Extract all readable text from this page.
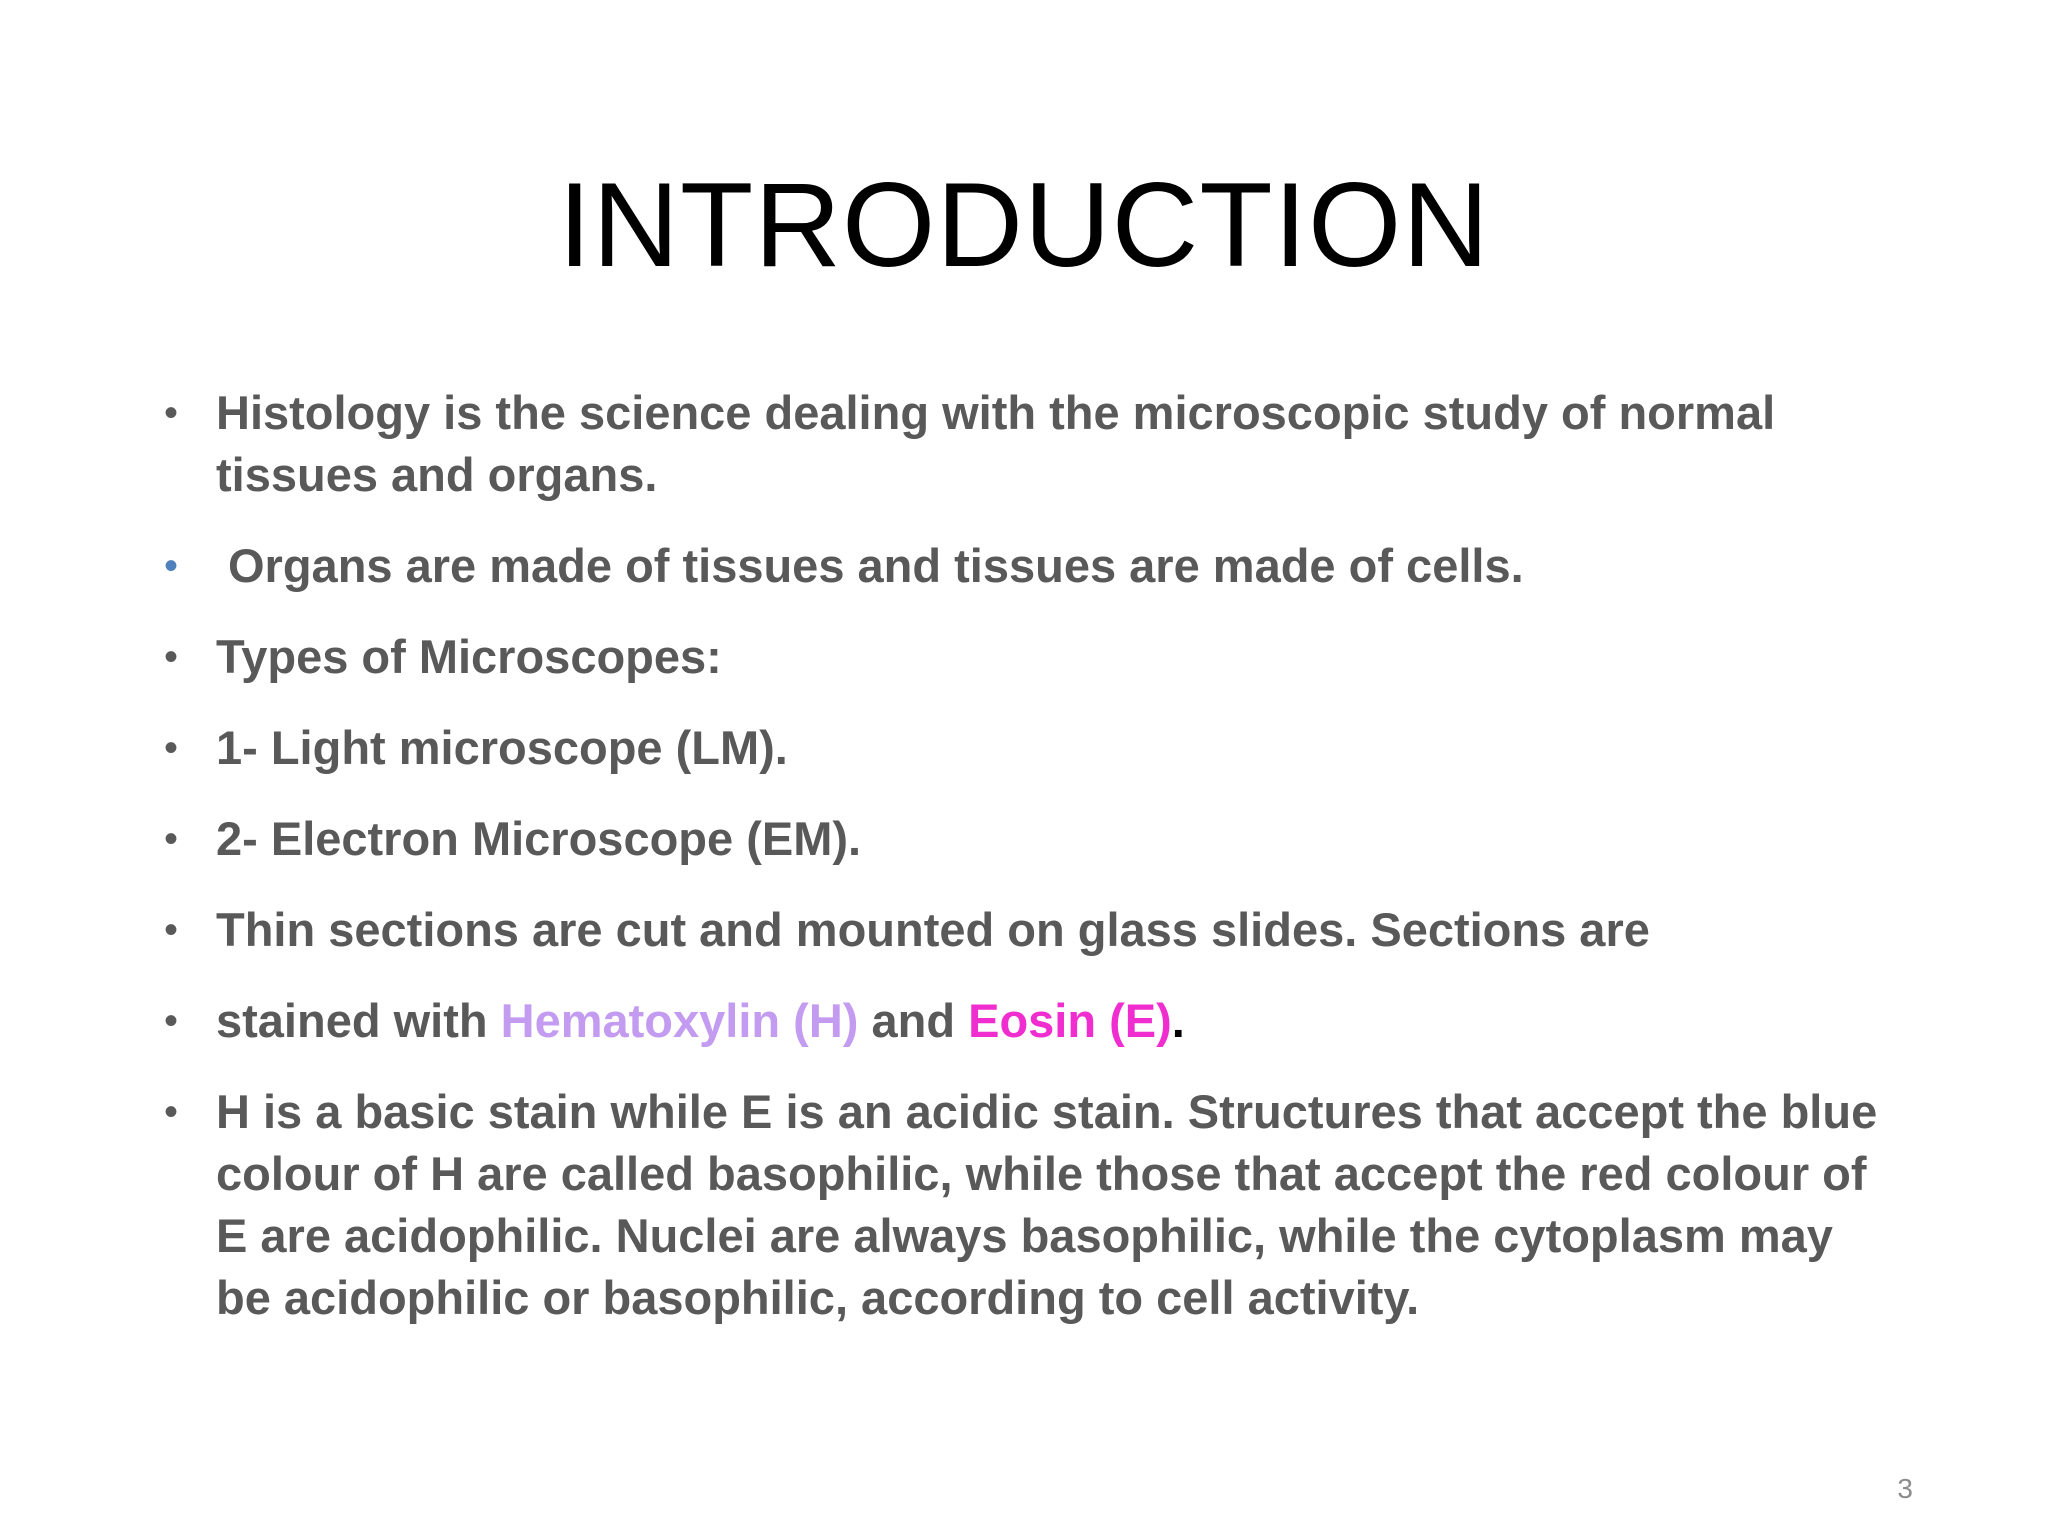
INTRODUCTION
• Histology is the science dealing with the microscopic study of normal tissues and organs.
• Organs are made of tissues and tissues are made of cells.
• Types of Microscopes:
• 1- Light microscope (LM).
• 2- Electron Microscope (EM).
• Thin sections are cut and mounted on glass slides. Sections are
• stained with Hematoxylin (H) and Eosin (E).
• H is a basic stain while E is an acidic stain. Structures that accept the blue colour of H are called basophilic, while those that accept the red colour of E are acidophilic. Nuclei are always basophilic, while the cytoplasm may be acidophilic or basophilic, according to cell activity.
3
